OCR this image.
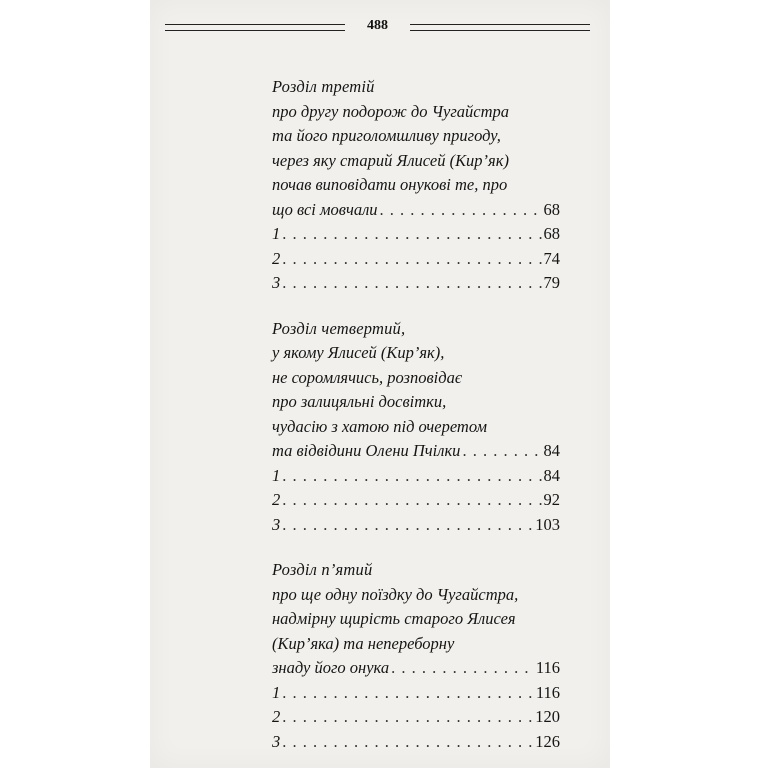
488
Розділ третій
про другу подорож до Чугайстра
та його приголомшливу пригоду,
через яку старий Ялисей (Кир’як)
почав виповідати онукові те, про
що всі мовчали . . .	68
1 . . .	68
2 . . .	74
3 . . .	79
Розділ четвертий,
у якому Ялисей (Кир’як),
не соромлячись, розповідає
про залицяльні досвітки,
чудасію з хатою під очеретом
та відвідини Олени Пчілки . . .	84
1 . . .	84
2 . . .	92
3 . . .	103
Розділ п’ятий
про ще одну поїздку до Чугайстра,
надмірну щирість старого Ялисея
(Кир’яка) та непереборну
знаду його онука . . .	116
1 . . .	116
2 . . .	120
3 . . .	126
